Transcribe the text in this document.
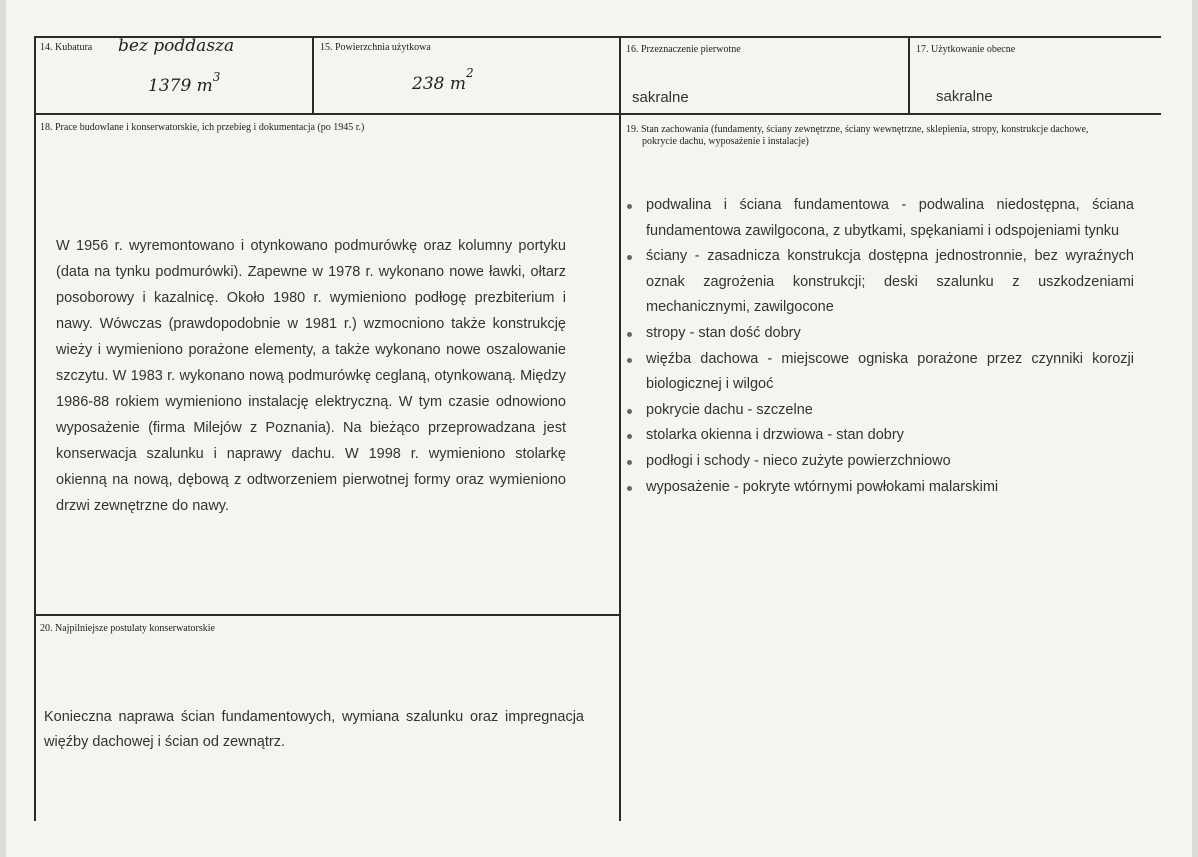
14. Kubatura bez poddasza
1379 $m^3$
15. Powierzchnia użytkowa
238 $m^2$
16. Przeznaczenie pierwotne
sakralne
17. Użytkowanie obecne
sakralne
18. Prace budowlane i konserwatorskie, ich przebieg i dokumentacja (po 1945 r.)

W 1956 r. wyremontowano i otynkowano podmurówkę oraz kolumny portyku (data na tynku podmurówki). Zapewne w 1978 r. wykonano nowe ławki, ołtarz posoborowy i kazalnicę. Około 1980 r. wymieniono podłogę prezbiterium i nawy. Wówczas (prawdopodobnie w 1981 r.) wzmocniono także konstrukcję wieży i wymieniono porażone elementy, a także wykonano nowe oszalowanie szczytu. W 1983 r. wykonano nową podmurówkę ceglaną, otynkowaną. Między 1986-88 rokiem wymieniono instalację elektryczną. W tym czasie odnowiono wyposażenie (firma Milejów z Poznania). Na bieżąco przeprowadzana jest konserwacja szalunku i naprawy dachu. W 1998 r. wymieniono stolarkę okienną na nową, dębową z odtworzeniem pierwotnej formy oraz wymieniono drzwi zewnętrzne do nawy.

19. Stan zachowania (fundamenty, ściany zewnętrzne, ściany wewnętrzne, sklepienia, stropy, konstrukcje dachowe,
pokrycie dachu, wyposażenie i instalacje)
podwalina i ściana fundamentowa - podwalina niedostępna, ściana fundamentowa zawilgocona, z ubytkami, spękaniami i odspojeniami tynku
ściany - zasadnicza konstrukcja dostępna jednostronnie, bez wyraźnych oznak zagrożenia konstrukcji; deski szalunku z uszkodzeniami mechanicznymi, zawilgocone
stropy - stan dość dobry
więźba dachowa - miejscowe ogniska porażone przez czynniki korozji biologicznej i wilgoć
pokrycie dachu - szczelne
stolarka okienna i drzwiowa - stan dobry
podłogi i schody - nieco zużyte powierzchniowo
wyposażenie - pokryte wtórnymi powłokami malarskimi
20. Najpilniejsze postulaty konserwatorskie

Konieczna naprawa ścian fundamentowych, wymiana szalunku oraz impregnacja więźby dachowej i ścian od zewnątrz.
